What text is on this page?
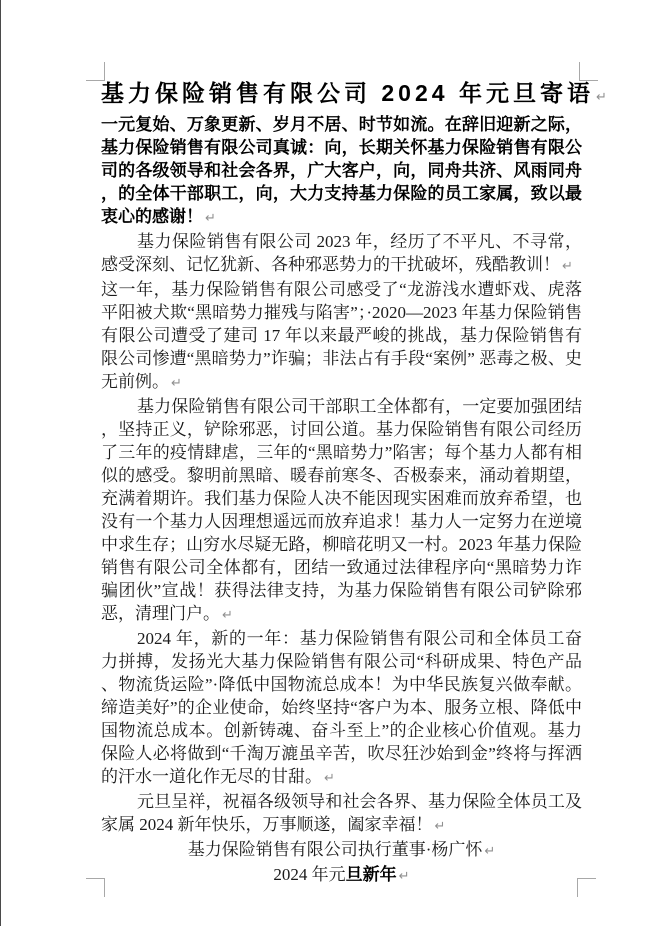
基力保险销售有限公司 2024 年元旦寄语 ↵
一元复始、万象更新、岁月不居、时节如流。在辞旧迎新之际，基力保险销售有限公司真诚：向，长期关怀基力保险销售有限公司的各级领导和社会各界，广大客户，向，同舟共济、风雨同舟，的全体干部职工，向，大力支持基力保险的员工家属，致以最衷心的感谢！ ↵
基力保险销售有限公司 2023 年，经历了不平凡、不寻常，感受深刻、记忆犹新、各种邪恶势力的干扰破坏，残酷教训！ ↵
这一年，基力保险销售有限公司感受了“龙游浅水遭虾戏、虎落平阳被犬欺“黑暗势力摧残与陷害”；·2020—2023 年基力保险销售有限公司遭受了建司 17 年以来最严峻的挑战，基力保险销售有限公司惨遭“黑暗势力”诈骗；非法占有手段“案例” 恶毒之极、史无前例。 ↵
基力保险销售有限公司干部职工全体都有，一定要加强团结，坚持正义，铲除邪恶，讨回公道。基力保险销售有限公司经历了三年的疫情肆虐，三年的“黑暗势力”陷害；每个基力人都有相似的感受。黎明前黑暗、暖春前寒冬、否极泰来，涌动着期望，充满着期许。我们基力保险人决不能因现实困难而放弃希望，也没有一个基力人因理想遥远而放弃追求！基力人一定努力在逆境中求生存；山穷水尽疑无路，柳暗花明又一村。2023 年基力保险销售有限公司全体都有，团结一致通过法律程序向“黑暗势力诈骗团伙”宣战！获得法律支持，为基力保险销售有限公司铲除邪恶，清理门户。 ↵
2024 年，新的一年：基力保险销售有限公司和全体员工奋力拼搏，发扬光大基力保险销售有限公司“科研成果、特色产品、物流货运险”·降低中国物流总成本！为中华民族复兴做奉献。缔造美好”的企业使命，始终坚持“客户为本、服务立根、降低中国物流总成本。创新铸魂、奋斗至上”的企业核心价值观。基力保险人必将做到“千淘万漉虽辛苦，吹尽狂沙始到金”终将与挥洒的汗水一道化作无尽的甘甜。 ↵
元旦呈祥，祝福各级领导和社会各界、基力保险全体员工及家属 2024 新年快乐，万事顺遂，阖家幸福！ ↵
基力保险销售有限公司执行董事·杨广怀 ↵
2024 年元旦新年 ↵
